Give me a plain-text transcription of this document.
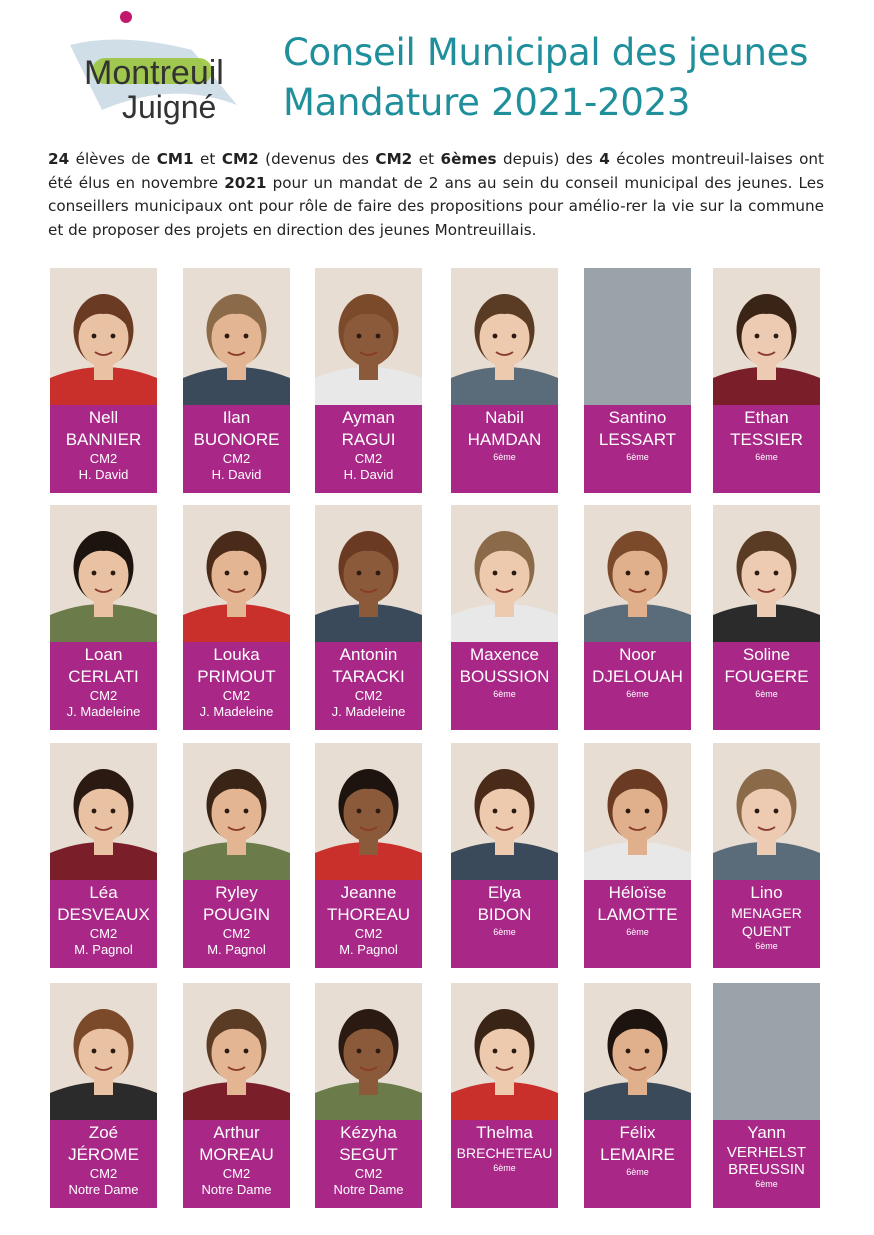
Montreuil
Juigné
Conseil Municipal des jeunes
Mandature 2021-2023
24 élèves de CM1 et CM2 (devenus des CM2 et 6èmes depuis) des 4 écoles montreuil-laises ont été élus en novembre 2021 pour un mandat de 2 ans au sein du conseil municipal des jeunes. Les conseillers municipaux ont pour rôle de faire des propositions pour amélio-rer la vie sur la commune et de proposer des projets en direction des jeunes Montreuillais.
Nell
BANNIER
CM2
H. David
Ilan
BUONORE
CM2
H. David
Ayman
RAGUI
CM2
H. David
Nabil
HAMDAN
6ème
Santino
LESSART
6ème
Ethan
TESSIER
6ème
Loan
CERLATI
CM2
J. Madeleine
Louka
PRIMOUT
CM2
J. Madeleine
Antonin
TARACKI
CM2
J. Madeleine
Maxence
BOUSSION
6ème
Noor
DJELOUAH
6ème
Soline
FOUGERE
6ème
Léa
DESVEAUX
CM2
M. Pagnol
Ryley
POUGIN
CM2
M. Pagnol
Jeanne
THOREAU
CM2
M. Pagnol
Elya
BIDON
6ème
Héloïse
LAMOTTE
6ème
Lino
MENAGER QUENT
6ème
Zoé
JÉROME
CM2
Notre Dame
Arthur
MOREAU
CM2
Notre Dame
Kézyha
SEGUT
CM2
Notre Dame
Thelma
BRECHETEAU
6ème
Félix
LEMAIRE
6ème
Yann
VERHELST BREUSSIN
6ème
